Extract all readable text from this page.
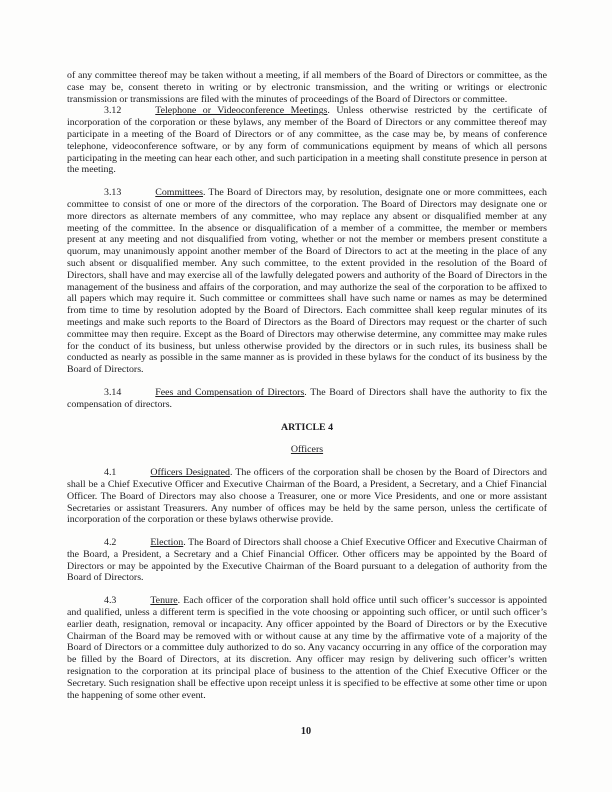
of any committee thereof may be taken without a meeting, if all members of the Board of Directors or committee, as the case may be, consent thereto in writing or by electronic transmission, and the writing or writings or electronic transmission or transmissions are filed with the minutes of proceedings of the Board of Directors or committee.

3.12	Telephone or Videoconference Meetings. Unless otherwise restricted by the certificate of incorporation of the corporation or these bylaws, any member of the Board of Directors or any committee thereof may participate in a meeting of the Board of Directors or of any committee, as the case may be, by means of conference telephone, videoconference software, or by any form of communications equipment by means of which all persons participating in the meeting can hear each other, and such participation in a meeting shall constitute presence in person at the meeting.

3.13	Committees. The Board of Directors may, by resolution, designate one or more committees, each committee to consist of one or more of the directors of the corporation. The Board of Directors may designate one or more directors as alternate members of any committee, who may replace any absent or disqualified member at any meeting of the committee. In the absence or disqualification of a member of a committee, the member or members present at any meeting and not disqualified from voting, whether or not the member or members present constitute a quorum, may unanimously appoint another member of the Board of Directors to act at the meeting in the place of any such absent or disqualified member. Any such committee, to the extent provided in the resolution of the Board of Directors, shall have and may exercise all of the lawfully delegated powers and authority of the Board of Directors in the management of the business and affairs of the corporation, and may authorize the seal of the corporation to be affixed to all papers which may require it. Such committee or committees shall have such name or names as may be determined from time to time by resolution adopted by the Board of Directors. Each committee shall keep regular minutes of its meetings and make such reports to the Board of Directors as the Board of Directors may request or the charter of such committee may then require. Except as the Board of Directors may otherwise determine, any committee may make rules for the conduct of its business, but unless otherwise provided by the directors or in such rules, its business shall be conducted as nearly as possible in the same manner as is provided in these bylaws for the conduct of its business by the Board of Directors.

3.14	Fees and Compensation of Directors. The Board of Directors shall have the authority to fix the compensation of directors.

ARTICLE 4

Officers

4.1	Officers Designated. The officers of the corporation shall be chosen by the Board of Directors and shall be a Chief Executive Officer and Executive Chairman of the Board, a President, a Secretary, and a Chief Financial Officer. The Board of Directors may also choose a Treasurer, one or more Vice Presidents, and one or more assistant Secretaries or assistant Treasurers. Any number of offices may be held by the same person, unless the certificate of incorporation of the corporation or these bylaws otherwise provide.

4.2	Election. The Board of Directors shall choose a Chief Executive Officer and Executive Chairman of the Board, a President, a Secretary and a Chief Financial Officer. Other officers may be appointed by the Board of Directors or may be appointed by the Executive Chairman of the Board pursuant to a delegation of authority from the Board of Directors.

4.3	Tenure. Each officer of the corporation shall hold office until such officer’s successor is appointed and qualified, unless a different term is specified in the vote choosing or appointing such officer, or until such officer’s earlier death, resignation, removal or incapacity. Any officer appointed by the Board of Directors or by the Executive Chairman of the Board may be removed with or without cause at any time by the affirmative vote of a majority of the Board of Directors or a committee duly authorized to do so. Any vacancy occurring in any office of the corporation may be filled by the Board of Directors, at its discretion. Any officer may resign by delivering such officer’s written resignation to the corporation at its principal place of business to the attention of the Chief Executive Officer or the Secretary. Such resignation shall be effective upon receipt unless it is specified to be effective at some other time or upon the happening of some other event.

10
